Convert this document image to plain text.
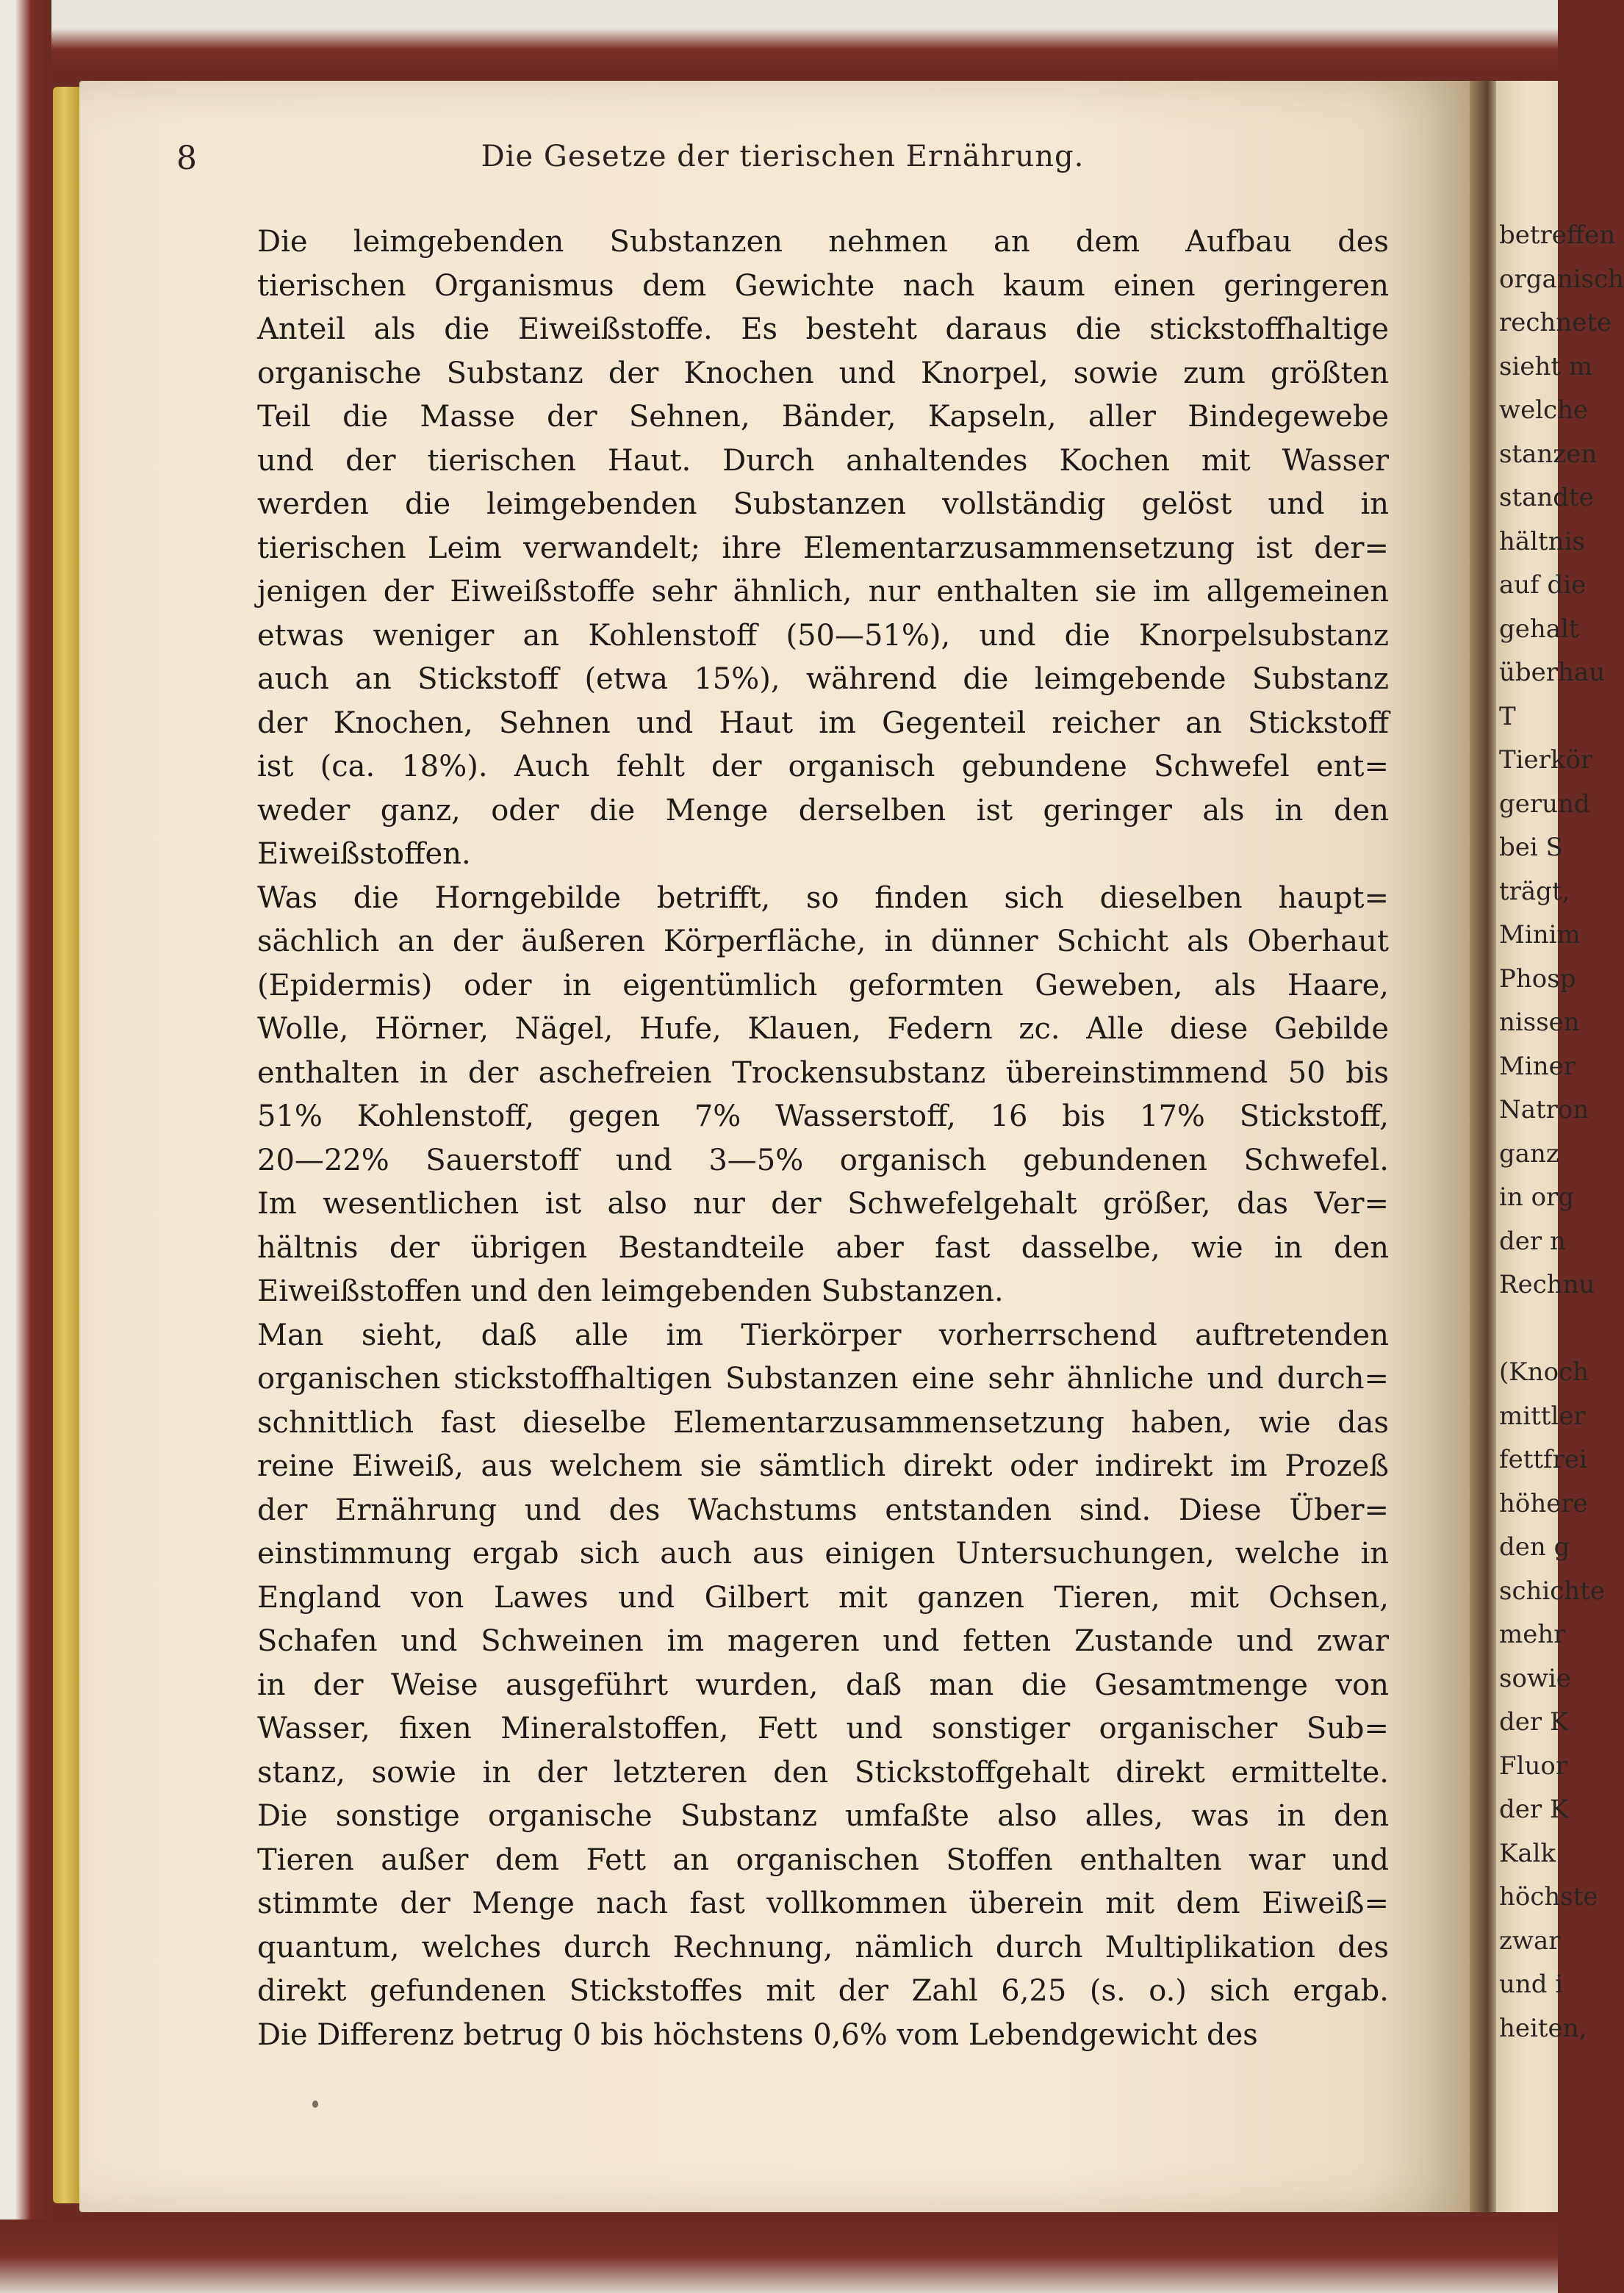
betreffen
organisch
rechnete
sieht m
welche
stanzen
standte
hältnis
auf die
gehalt
überhau
T
Tierkör
gerund
bei S
trägt,
Minim
Phosp
nissen
Miner
Natron
ganz
in org
der n
Rechnu
(Knoch
mittler
fettfrei
höhere
den g
schichte
mehr
sowie
der K
Fluor
der K
Kalk
höchste
zwar
und i
heiten,
8	Die Gesetze der tierischen Ernährung.
Die leimgebenden Substanzen nehmen an dem Aufbau des
tierischen Organismus dem Gewichte nach kaum einen geringeren
Anteil als die Eiweißstoffe. Es besteht daraus die stickstoffhaltige
organische Substanz der Knochen und Knorpel, sowie zum größten
Teil die Masse der Sehnen, Bänder, Kapseln, aller Bindegewebe
und der tierischen Haut. Durch anhaltendes Kochen mit Wasser
werden die leimgebenden Substanzen vollständig gelöst und in
tierischen Leim verwandelt; ihre Elementarzusammensetzung ist der=
jenigen der Eiweißstoffe sehr ähnlich, nur enthalten sie im allgemeinen
etwas weniger an Kohlenstoff (50—51%), und die Knorpelsubstanz
auch an Stickstoff (etwa 15%), während die leimgebende Substanz
der Knochen, Sehnen und Haut im Gegenteil reicher an Stickstoff
ist (ca. 18%). Auch fehlt der organisch gebundene Schwefel ent=
weder ganz, oder die Menge derselben ist geringer als in den
Eiweißstoffen.
Was die Horngebilde betrifft, so finden sich dieselben haupt=
sächlich an der äußeren Körperfläche, in dünner Schicht als Oberhaut
(Epidermis) oder in eigentümlich geformten Geweben, als Haare,
Wolle, Hörner, Nägel, Hufe, Klauen, Federn zc. Alle diese Gebilde
enthalten in der aschefreien Trockensubstanz übereinstimmend 50 bis
51% Kohlenstoff, gegen 7% Wasserstoff, 16 bis 17% Stickstoff,
20—22% Sauerstoff und 3—5% organisch gebundenen Schwefel.
Im wesentlichen ist also nur der Schwefelgehalt größer, das Ver=
hältnis der übrigen Bestandteile aber fast dasselbe, wie in den
Eiweißstoffen und den leimgebenden Substanzen.
Man sieht, daß alle im Tierkörper vorherrschend auftretenden
organischen stickstoffhaltigen Substanzen eine sehr ähnliche und durch=
schnittlich fast dieselbe Elementarzusammensetzung haben, wie das
reine Eiweiß, aus welchem sie sämtlich direkt oder indirekt im Prozeß
der Ernährung und des Wachstums entstanden sind. Diese Über=
einstimmung ergab sich auch aus einigen Untersuchungen, welche in
England von Lawes und Gilbert mit ganzen Tieren, mit Ochsen,
Schafen und Schweinen im mageren und fetten Zustande und zwar
in der Weise ausgeführt wurden, daß man die Gesamtmenge von
Wasser, fixen Mineralstoffen, Fett und sonstiger organischer Sub=
stanz, sowie in der letzteren den Stickstoffgehalt direkt ermittelte.
Die sonstige organische Substanz umfaßte also alles, was in den
Tieren außer dem Fett an organischen Stoffen enthalten war und
stimmte der Menge nach fast vollkommen überein mit dem Eiweiß=
quantum, welches durch Rechnung, nämlich durch Multiplikation des
direkt gefundenen Stickstoffes mit der Zahl 6,25 (s. o.) sich ergab.
Die Differenz betrug 0 bis höchstens 0,6% vom Lebendgewicht des
